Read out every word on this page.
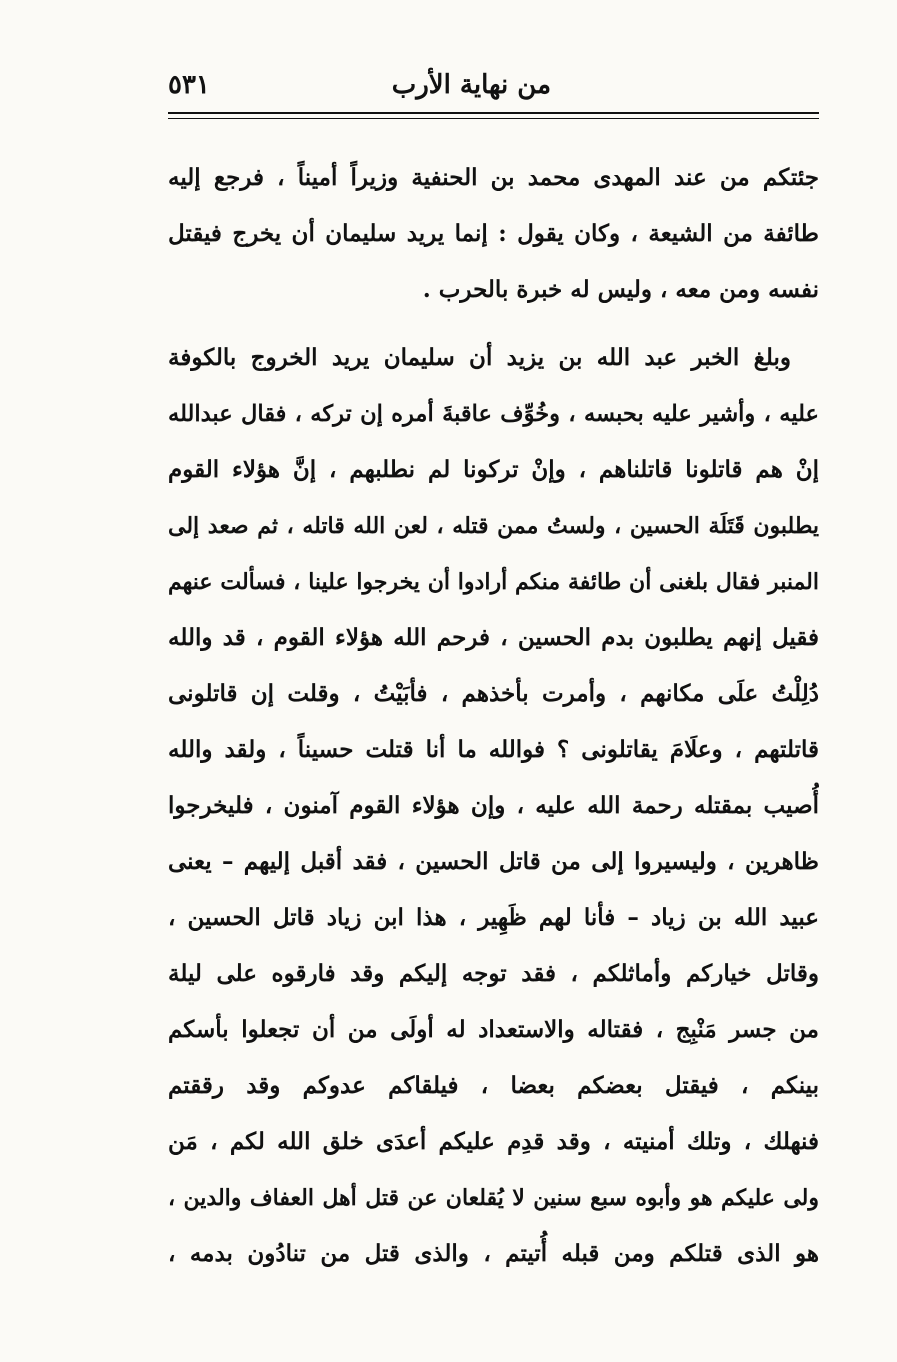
من نهاية الأرب
٥٣١
جئتكم من عند المهدى محمد بن الحنفية وزيراً أميناً ، فرجع إليه
طائفة من الشيعة ، وكان يقول : إنما يريد سليمان أن يخرج فيقتل
نفسه ومن معه ، وليس له خبرة بالحرب .
وبلغ الخبر عبد الله بن يزيد أن سليمان يريد الخروج بالكوفة
عليه ، وأشير عليه بحبسه ، وخُوِّف عاقبةَ أمره إن تركه ، فقال عبدالله
إنْ هم قاتلونا قاتلناهم ، وإنْ تركونا لم نطلبهم ، إنَّ هؤلاء القوم
يطلبون قَتَلَة الحسين ، ولستُ ممن قتله ، لعن الله قاتله ، ثم صعد إلى
المنبر فقال بلغنى أن طائفة منكم أرادوا أن يخرجوا علينا ، فسألت عنهم
فقيل إنهم يطلبون بدم الحسين ، فرحم الله هؤلاء القوم ، قد والله
دُلِلْتُ علَى مكانهم ، وأمرت بأخذهم ، فأبَيْتُ ، وقلت إن قاتلونى
قاتلتهم ، وعلَامَ يقاتلونى ؟ فوالله ما أنا قتلت حسيناً ، ولقد والله
أُصيب بمقتله رحمة الله عليه ، وإن هؤلاء القوم آمنون ، فليخرجوا
ظاهرين ، وليسيروا إلى من قاتل الحسين ، فقد أقبل إليهم – يعنى
عبيد الله بن زياد – فأنا لهم ظَهِير ، هذا ابن زياد قاتل الحسين ،
وقاتل خياركم وأماثلكم ، فقد توجه إليكم وقد فارقوه على ليلة
من جسر مَنْبِج ، فقتاله والاستعداد له أولَى من أن تجعلوا بأسكم
بينكم ، فيقتل بعضكم بعضا ، فيلقاكم عدوكم وقد رققتم
فنهلك ، وتلك أمنيته ، وقد قدِم عليكم أعدَى خلق الله لكم ، مَن
ولى عليكم هو وأبوه سبع سنين لا يُقلعان عن قتل أهل العفاف والدين ،
هو الذى قتلكم ومن قبله أُتيتم ، والذى قتل من تنادُون بدمه ،
